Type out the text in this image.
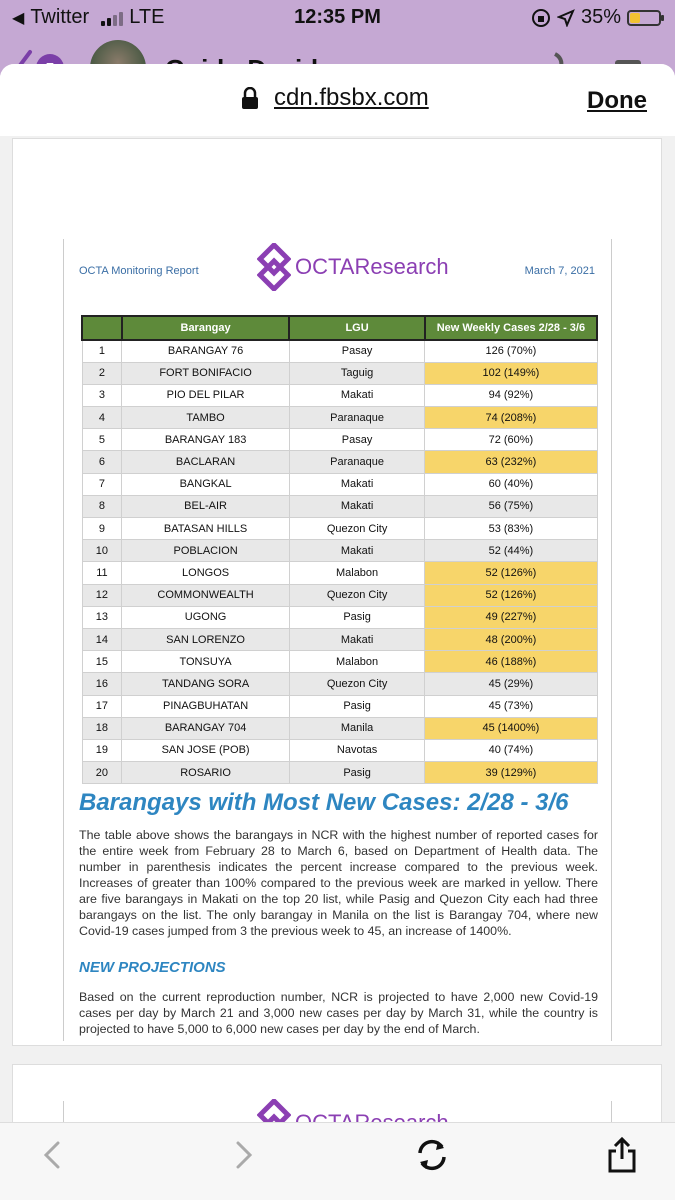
◀ Twitter LTE	12:35 PM	35%
cdn.fbsbx.com	Done
OCTA Monitoring Report	OCTAResearch	March 7, 2021
	Barangay	LGU	New Weekly Cases 2/28 - 3/6
1	BARANGAY 76	Pasay	126 (70%)
2	FORT BONIFACIO	Taguig	102 (149%)
3	PIO DEL PILAR	Makati	94 (92%)
4	TAMBO	Paranaque	74 (208%)
5	BARANGAY 183	Pasay	72 (60%)
6	BACLARAN	Paranaque	63 (232%)
7	BANGKAL	Makati	60 (40%)
8	BEL-AIR	Makati	56 (75%)
9	BATASAN HILLS	Quezon City	53 (83%)
10	POBLACION	Makati	52 (44%)
11	LONGOS	Malabon	52 (126%)
12	COMMONWEALTH	Quezon City	52 (126%)
13	UGONG	Pasig	49 (227%)
14	SAN LORENZO	Makati	48 (200%)
15	TONSUYA	Malabon	46 (188%)
16	TANDANG SORA	Quezon City	45 (29%)
17	PINAGBUHATAN	Pasig	45 (73%)
18	BARANGAY 704	Manila	45 (1400%)
19	SAN JOSE (POB)	Navotas	40 (74%)
20	ROSARIO	Pasig	39 (129%)
Barangays with Most New Cases: 2/28 - 3/6
The table above shows the barangays in NCR with the highest number of reported cases for the entire week from February 28 to March 6, based on Department of Health data. The number in parenthesis indicates the percent increase compared to the previous week. Increases of greater than 100% compared to the previous week are marked in yellow. There are five barangays in Makati on the top 20 list, while Pasig and Quezon City each had three barangays on the list. The only barangay in Manila on the list is Barangay 704, where new Covid-19 cases jumped from 3 the previous week to 45, an increase of 1400%.
NEW PROJECTIONS
Based on the current reproduction number, NCR is projected to have 2,000 new Covid-19 cases per day by March 21 and 3,000 new cases per day by March 31, while the country is projected to have 5,000 to 6,000 new cases per day by the end of March.
